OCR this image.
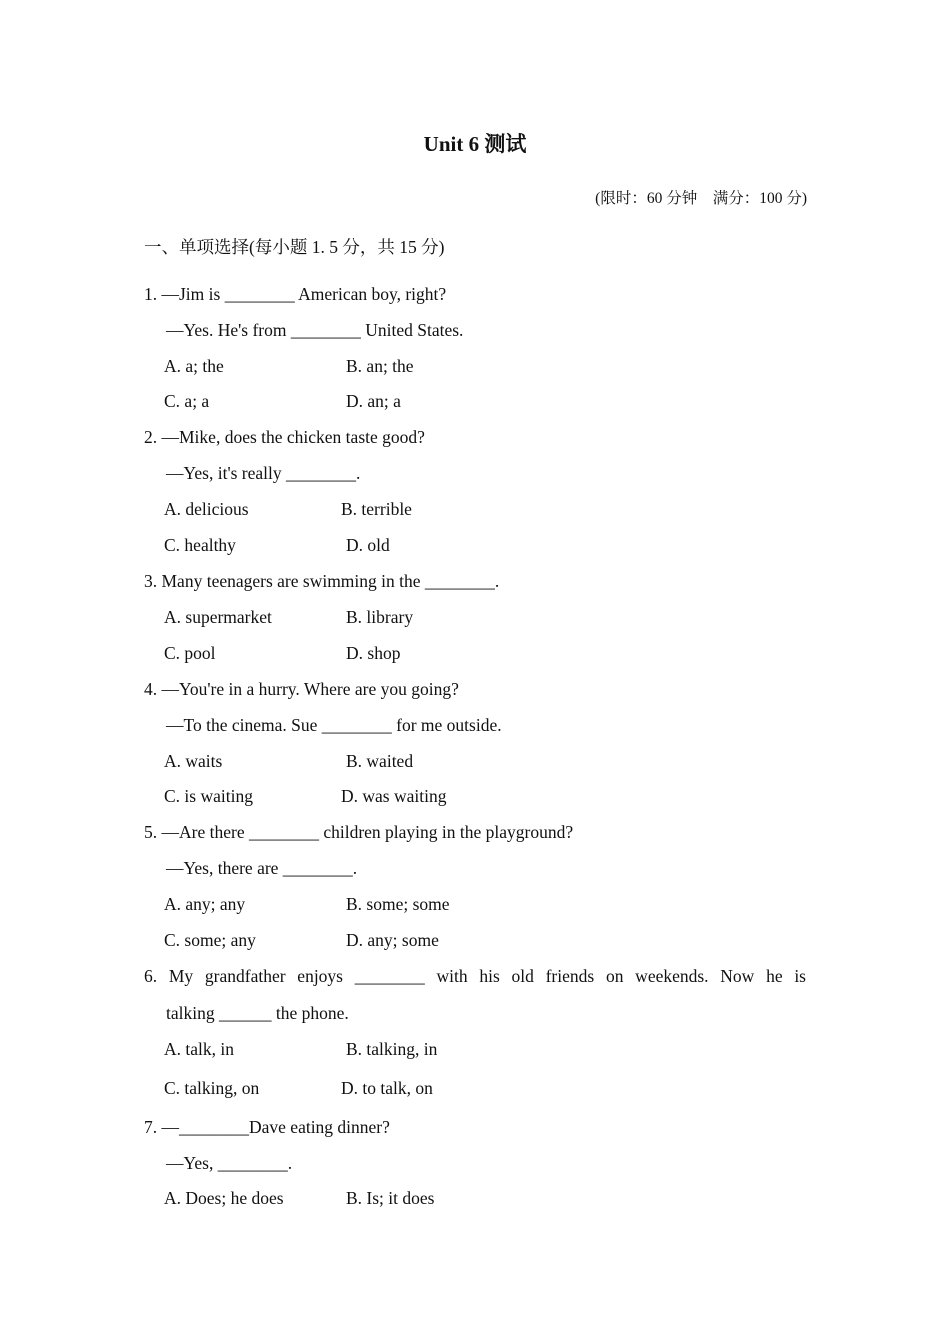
Unit 6 测试
(限时：60 分钟　满分：100 分)
一、单项选择(每小题 1. 5 分，共 15 分)
1. —Jim is ________ American boy, right?
—Yes. He's from ________ United States.
A. a; the	B. an; the
C. a; a	D. an; a
2. —Mike, does the chicken taste good?
—Yes, it's really ________.
A. delicious	B. terrible
C. healthy	D. old
3. Many teenagers are swimming in the ________.
A. supermarket	B. library
C. pool	D. shop
4. —You're in a hurry. Where are you going?
—To the cinema. Sue ________ for me outside.
A. waits	B. waited
C. is waiting	D. was waiting
5. —Are there ________ children playing in the playground?
—Yes, there are ________.
A. any; any	B. some; some
C. some; any	D. any; some
6. My grandfather enjoys ________ with his old friends on weekends. Now he is
talking ______ the phone.
A. talk, in	B. talking, in
C. talking, on	D. to talk, on
7. —________Dave eating dinner?
—Yes, ________.
A. Does; he does	B. Is; it does
